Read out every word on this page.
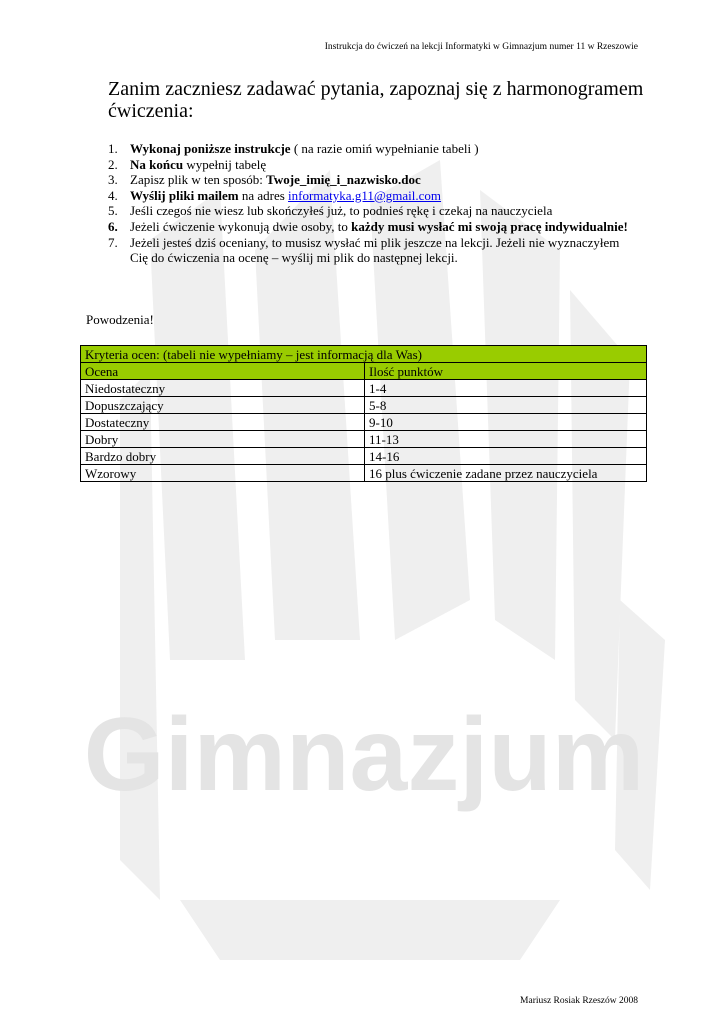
Gimnazjum
Instrukcja do ćwiczeń na lekcji Informatyki w Gimnazjum numer 11 w Rzeszowie
Zanim zaczniesz zadawać pytania, zapoznaj się z harmonogramem ćwiczenia:
1. Wykonaj poniższe instrukcje ( na razie omiń wypełnianie tabeli )
2. Na końcu wypełnij tabelę
3. Zapisz plik w ten sposób: Twoje_imię_i_nazwisko.doc
4. Wyślij pliki mailem na adres informatyka.g11@gmail.com
5. Jeśli czegoś nie wiesz lub skończyłeś już, to podnieś rękę i czekaj na nauczyciela
6. Jeżeli ćwiczenie wykonują dwie osoby, to każdy musi wysłać mi swoją pracę indywidualnie!
7. Jeżeli jesteś dziś oceniany, to musisz wysłać mi plik jeszcze na lekcji. Jeżeli nie wyznaczyłem Cię do ćwiczenia na ocenę – wyślij mi plik do następnej lekcji.
Powodzenia!
Kryteria ocen: (tabeli nie wypełniamy – jest informacją dla Was)	
Ocena	Ilość punktów
Niedostateczny	1-4
Dopuszczający	5-8
Dostateczny	9-10
Dobry	11-13
Bardzo dobry	14-16
Wzorowy	16 plus ćwiczenie zadane przez nauczyciela
Mariusz Rosiak Rzeszów 2008
